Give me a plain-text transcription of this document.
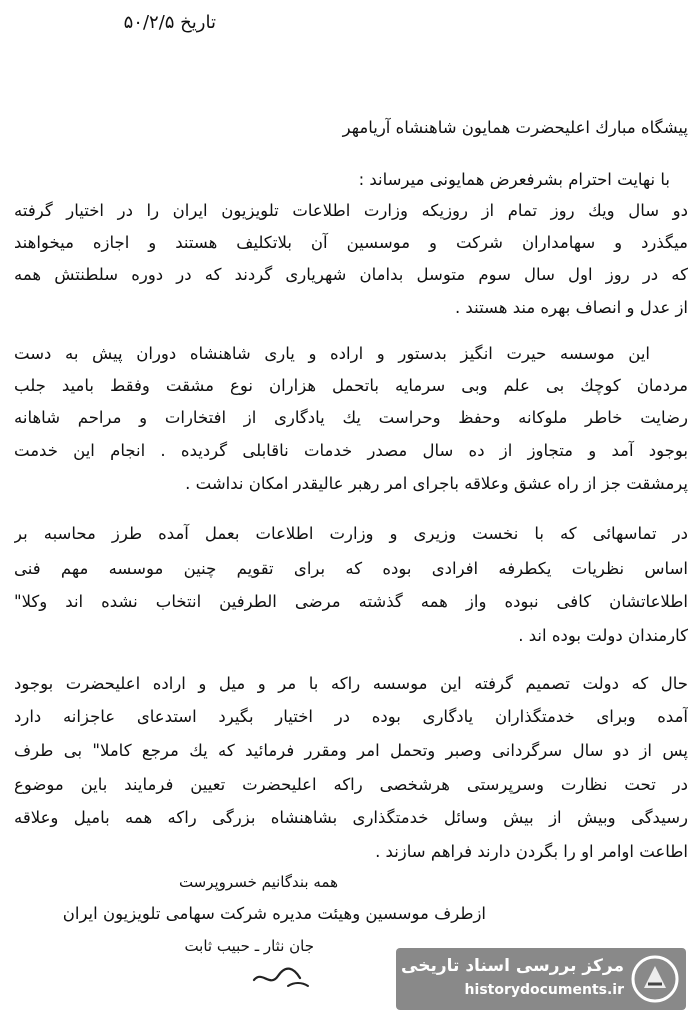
تاریخ ۵۰/۲/۵
پیشگاه مبارك اعلیحضرت همایون شاهنشاه آریامهر
با نهایت احترام بشرفعرض همایونی میرساند :
دو سال ویك روز تمام از روزیكه وزارت اطلاعات تلویزیون ایران را در اختیار گرفته
میگذرد و سهامداران شركت و موسسین آن بلاتكلیف هستند و اجازه میخواهند
كه در روز اول سال سوم متوسل بدامان شهریاری گردند كه در دوره سلطنتش همه
از عدل و انصاف بهره مند هستند .
این موسسه حیرت انگیز بدستور و اراده و یاری شاهنشاه دوران پیش به دست
مردمان كوچك بی علم وبی سرمایه باتحمل هزاران نوع مشقت وفقط باميد جلب
رضایت خاطر ملوكانه وحفظ وحراست يك یادگاری از افتخارات و مراحم شاهانه
بوجود آمد و متجاوز از ده سال مصدر خدمات ناقابلی گردیده . انجام این خدمت
پرمشقت جز از راه عشق وعلاقه باجرای امر رهبر عالیقدر امكان نداشت .
در تماسهائی كه با نخست وزیری و وزارت اطلاعات بعمل آمده طرز محاسبه بر
اساس نظریات یكطرفه افرادی بوده كه برای تقویم چنین موسسه مهم فنی
اطلاعاتشان كافی نبوده واز همه گذشته مرضی الطرفین انتخاب نشده اند وكلا"
كارمندان دولت بوده اند .
حال كه دولت تصمیم گرفته این موسسه راكه با مر و میل و اراده اعلیحضرت بوجود
آمده وبرای خدمتگذاران یادگاری بوده در اختیار بگیرد استدعای عاجزانه دارد
پس از دو سال سرگردانی وصبر وتحمل امر ومقرر فرمائید كه يك مرجع كاملا" بی طرف
در تحت نظارت وسرپرستی هرشخصی راكه اعلیحضرت تعیین فرمایند باین موضوع
رسیدگی وبیش از بیش وسائل خدمتگذاری بشاهنشاه بزرگی راكه همه بامیل وعلاقه
اطاعت اوامر او را بگردن دارند فراهم سازند .
همه بندگانیم خسروپرست
ازطرف موسسین وهیئت مدیره شركت سهامی تلویزیون ایران
جان نثار ـ حبیب ثابت
مركز بررسی اسناد تاریخی
historydocuments.ir
